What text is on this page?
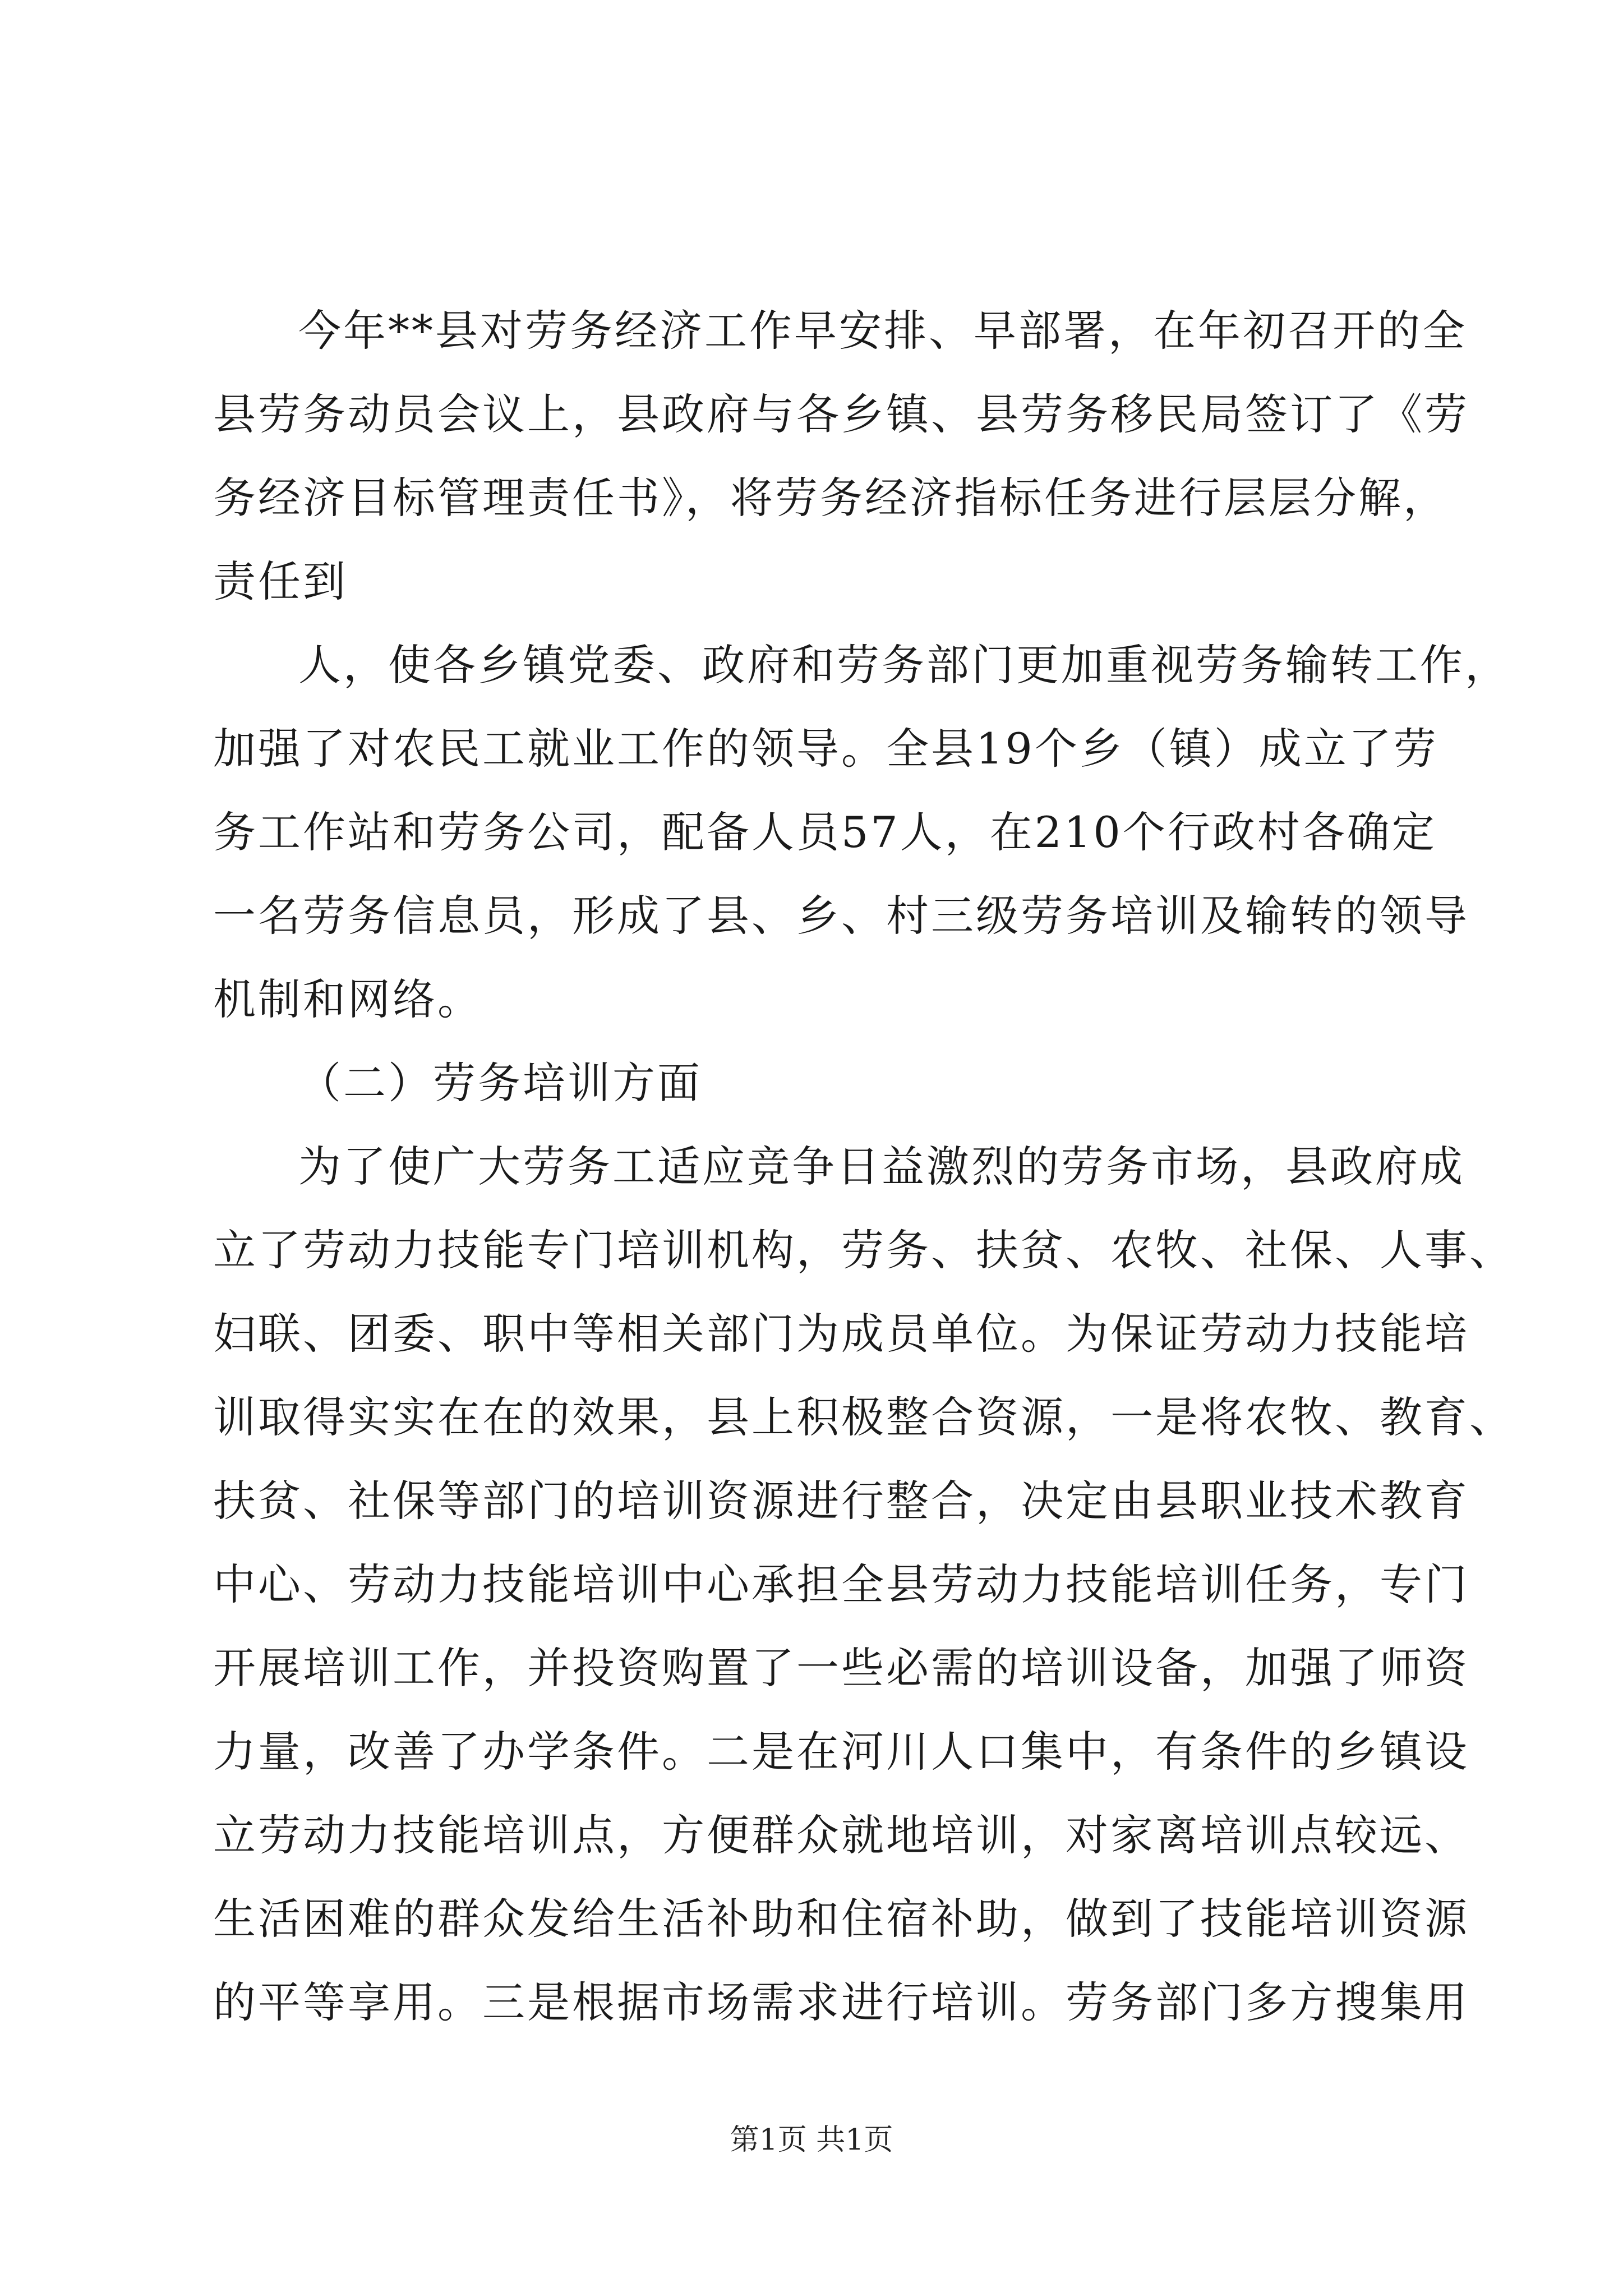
今年**县对劳务经济工作早安排、早部署，在年初召开的全
县劳务动员会议上，县政府与各乡镇、县劳务移民局签订了《劳
务经济目标管理责任书》，将劳务经济指标任务进行层层分解，
责任到
人，使各乡镇党委、政府和劳务部门更加重视劳务输转工作，
加强了对农民工就业工作的领导。全县19个乡（镇）成立了劳
务工作站和劳务公司，配备人员57人，在210个行政村各确定
一名劳务信息员，形成了县、乡、村三级劳务培训及输转的领导
机制和网络。
（二）劳务培训方面
为了使广大劳务工适应竞争日益激烈的劳务市场，县政府成
立了劳动力技能专门培训机构，劳务、扶贫、农牧、社保、人事、
妇联、团委、职中等相关部门为成员单位。为保证劳动力技能培
训取得实实在在的效果，县上积极整合资源，一是将农牧、教育、
扶贫、社保等部门的培训资源进行整合，决定由县职业技术教育
中心、劳动力技能培训中心承担全县劳动力技能培训任务，专门
开展培训工作，并投资购置了一些必需的培训设备，加强了师资
力量，改善了办学条件。二是在河川人口集中，有条件的乡镇设
立劳动力技能培训点，方便群众就地培训，对家离培训点较远、
生活困难的群众发给生活补助和住宿补助，做到了技能培训资源
的平等享用。三是根据市场需求进行培训。劳务部门多方搜集用
第1页 共1页
